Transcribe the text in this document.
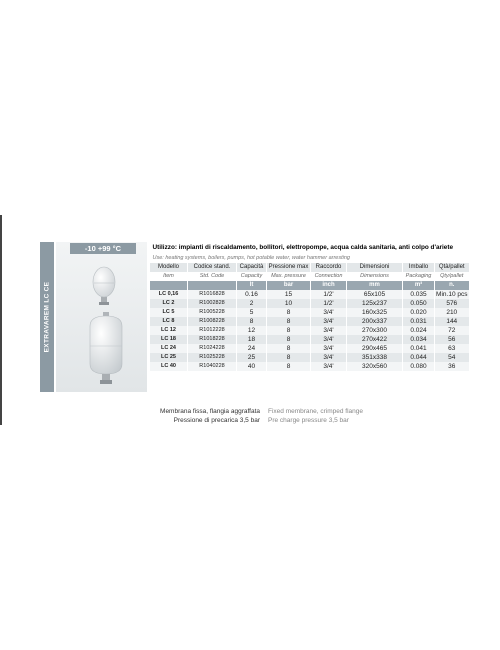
EXTRAVAREM LC CE
-10 +99 °C	Utilizzo: impianti di riscaldamento, bollitori, elettropompe, acqua calda sanitaria, anti colpo d'ariete							
Use: heating systems, boilers, pumps, hot potable water, water hammer arresting							
Modello	Codice stand.	Capacità	Pressione max	Raccordo	Dimensioni	Imballo	Qtà/pallet
Item	Std. Code	Capacity	Max. pressure	Connection	Dimensions	Packaging	Qty/pallet
		lt	bar	inch	mm	m³	n.
LC 0,16	R1016828	0.16	15	1/2'	65x105	0.035	Min.10 pcs
LC 2	R1002828	2	10	1/2'	125x237	0.050	576
LC 5	R1005228	5	8	3/4'	160x325	0.020	210
LC 8	R1008228	8	8	3/4'	200x337	0.031	144
LC 12	R1012228	12	8	3/4'	270x300	0.024	72
LC 18	R1018228	18	8	3/4'	270x422	0.034	56
LC 24	R1024228	24	8	3/4'	290x465	0.041	63
LC 25	R1025228	25	8	3/4'	351x338	0.044	54
LC 40	R1040228	40	8	3/4'	320x560	0.080	36
Membrana fissa, flangia aggraffata
Pressione di precarica 3,5 bar
Fixed membrane, crimped flange
Pre charge pressure 3,5 bar
